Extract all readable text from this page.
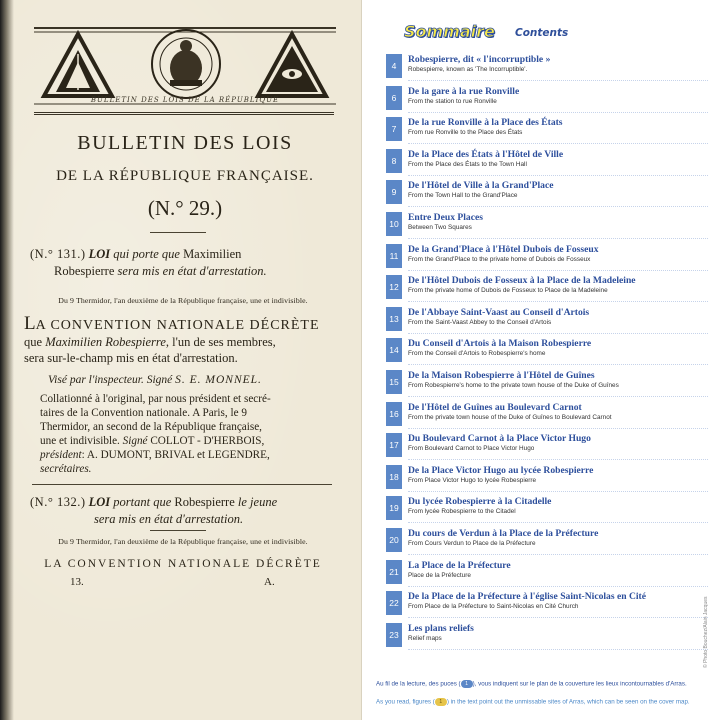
BULLETIN DES LOIS DE LA RÉPUBLIQUE
BULLETIN DES LOIS
DE LA RÉPUBLIQUE FRANÇAISE.
(N.° 29.)
(N.° 131.) LOI qui porte que Maximilien
Robespierre sera mis en état d'arrestation.
Du 9 Thermidor, l'an deuxième de la République française, une et indivisible.
LA CONVENTION NATIONALE DÉCRÈTE
que Maximilien Robespierre, l'un de ses membres,
sera sur-le-champ mis en état d'arrestation.
Visé par l'inspecteur. Signé S. E. MONNEL.
Collationné à l'original, par nous président et secré-
taires de la Convention nationale. A Paris, le 9
Thermidor, an second de la République française,
une et indivisible. Signé COLLOT - D'HERBOIS,
président: A. DUMONT, BRIVAL et LEGENDRE,
secrétaires.
(N.° 132.) LOI portant que Robespierre le jeune
sera mis en état d'arrestation.
Du 9 Thermidor, l'an deuxième de la République française, une et indivisible.
LA CONVENTION NATIONALE DÉCRÈTE
13.	A.
Sommaire Contents
4
Robespierre, dit « l'incorruptible »
Robespierre, known as 'The Incorruptible'.
6
De la gare à la rue Ronville
From the station to rue Ronville
7
De la rue Ronville à la Place des États
From rue Ronville to the Place des États
8
De la Place des États à l'Hôtel de Ville
From the Place des États to the Town Hall
9
De l'Hôtel de Ville à la Grand'Place
From the Town Hall to the Grand'Place
10
Entre Deux Places
Between Two Squares
11
De la Grand'Place à l'Hôtel Dubois de Fosseux
From the Grand'Place to the private home of Dubois de Fosseux
12
De l'Hôtel Dubois de Fosseux à la Place de la Madeleine
From the private home of Dubois de Fosseux to Place de la Madeleine
13
De l'Abbaye Saint-Vaast au Conseil d'Artois
From the Saint-Vaast Abbey to the Conseil d'Artois
14
Du Conseil d'Artois à la Maison Robespierre
From the Conseil d'Artois to Robespierre's home
15
De la Maison Robespierre à l'Hôtel de Guînes
From Robespierre's home to the private town house of the Duke of Guînes
16
De l'Hôtel de Guînes au Boulevard Carnot
From the private town house of the Duke of Guînes to Boulevard Carnot
17
Du Boulevard Carnot à la Place Victor Hugo
From Boulevard Carnot to Place Victor Hugo
18
De la Place Victor Hugo au lycée Robespierre
From Place Victor Hugo to lycée Robespierre
19
Du lycée Robespierre à la Citadelle
From lycée Robespierre to the Citadel
20
Du cours de Verdun à la Place de la Préfecture
From Cours Verdun to Place de la Préfecture
21
La Place de la Préfecture
Place de la Préfecture
22
De la Place de la Préfecture à l'église Saint-Nicolas en Cité
From Place de la Préfecture to Saint-Nicolas en Cité Church
23
Les plans reliefs
Relief maps
Au fil de la lecture, des puces ( 1 ), vous indiquent sur le plan de la couverture les lieux incontournables d'Arras.
As you read, figures ( 1 ) in the text point out the unmissable sites of Arras, which can be seen on the cover map.
© Photo Bouchez/Alain Jacques
